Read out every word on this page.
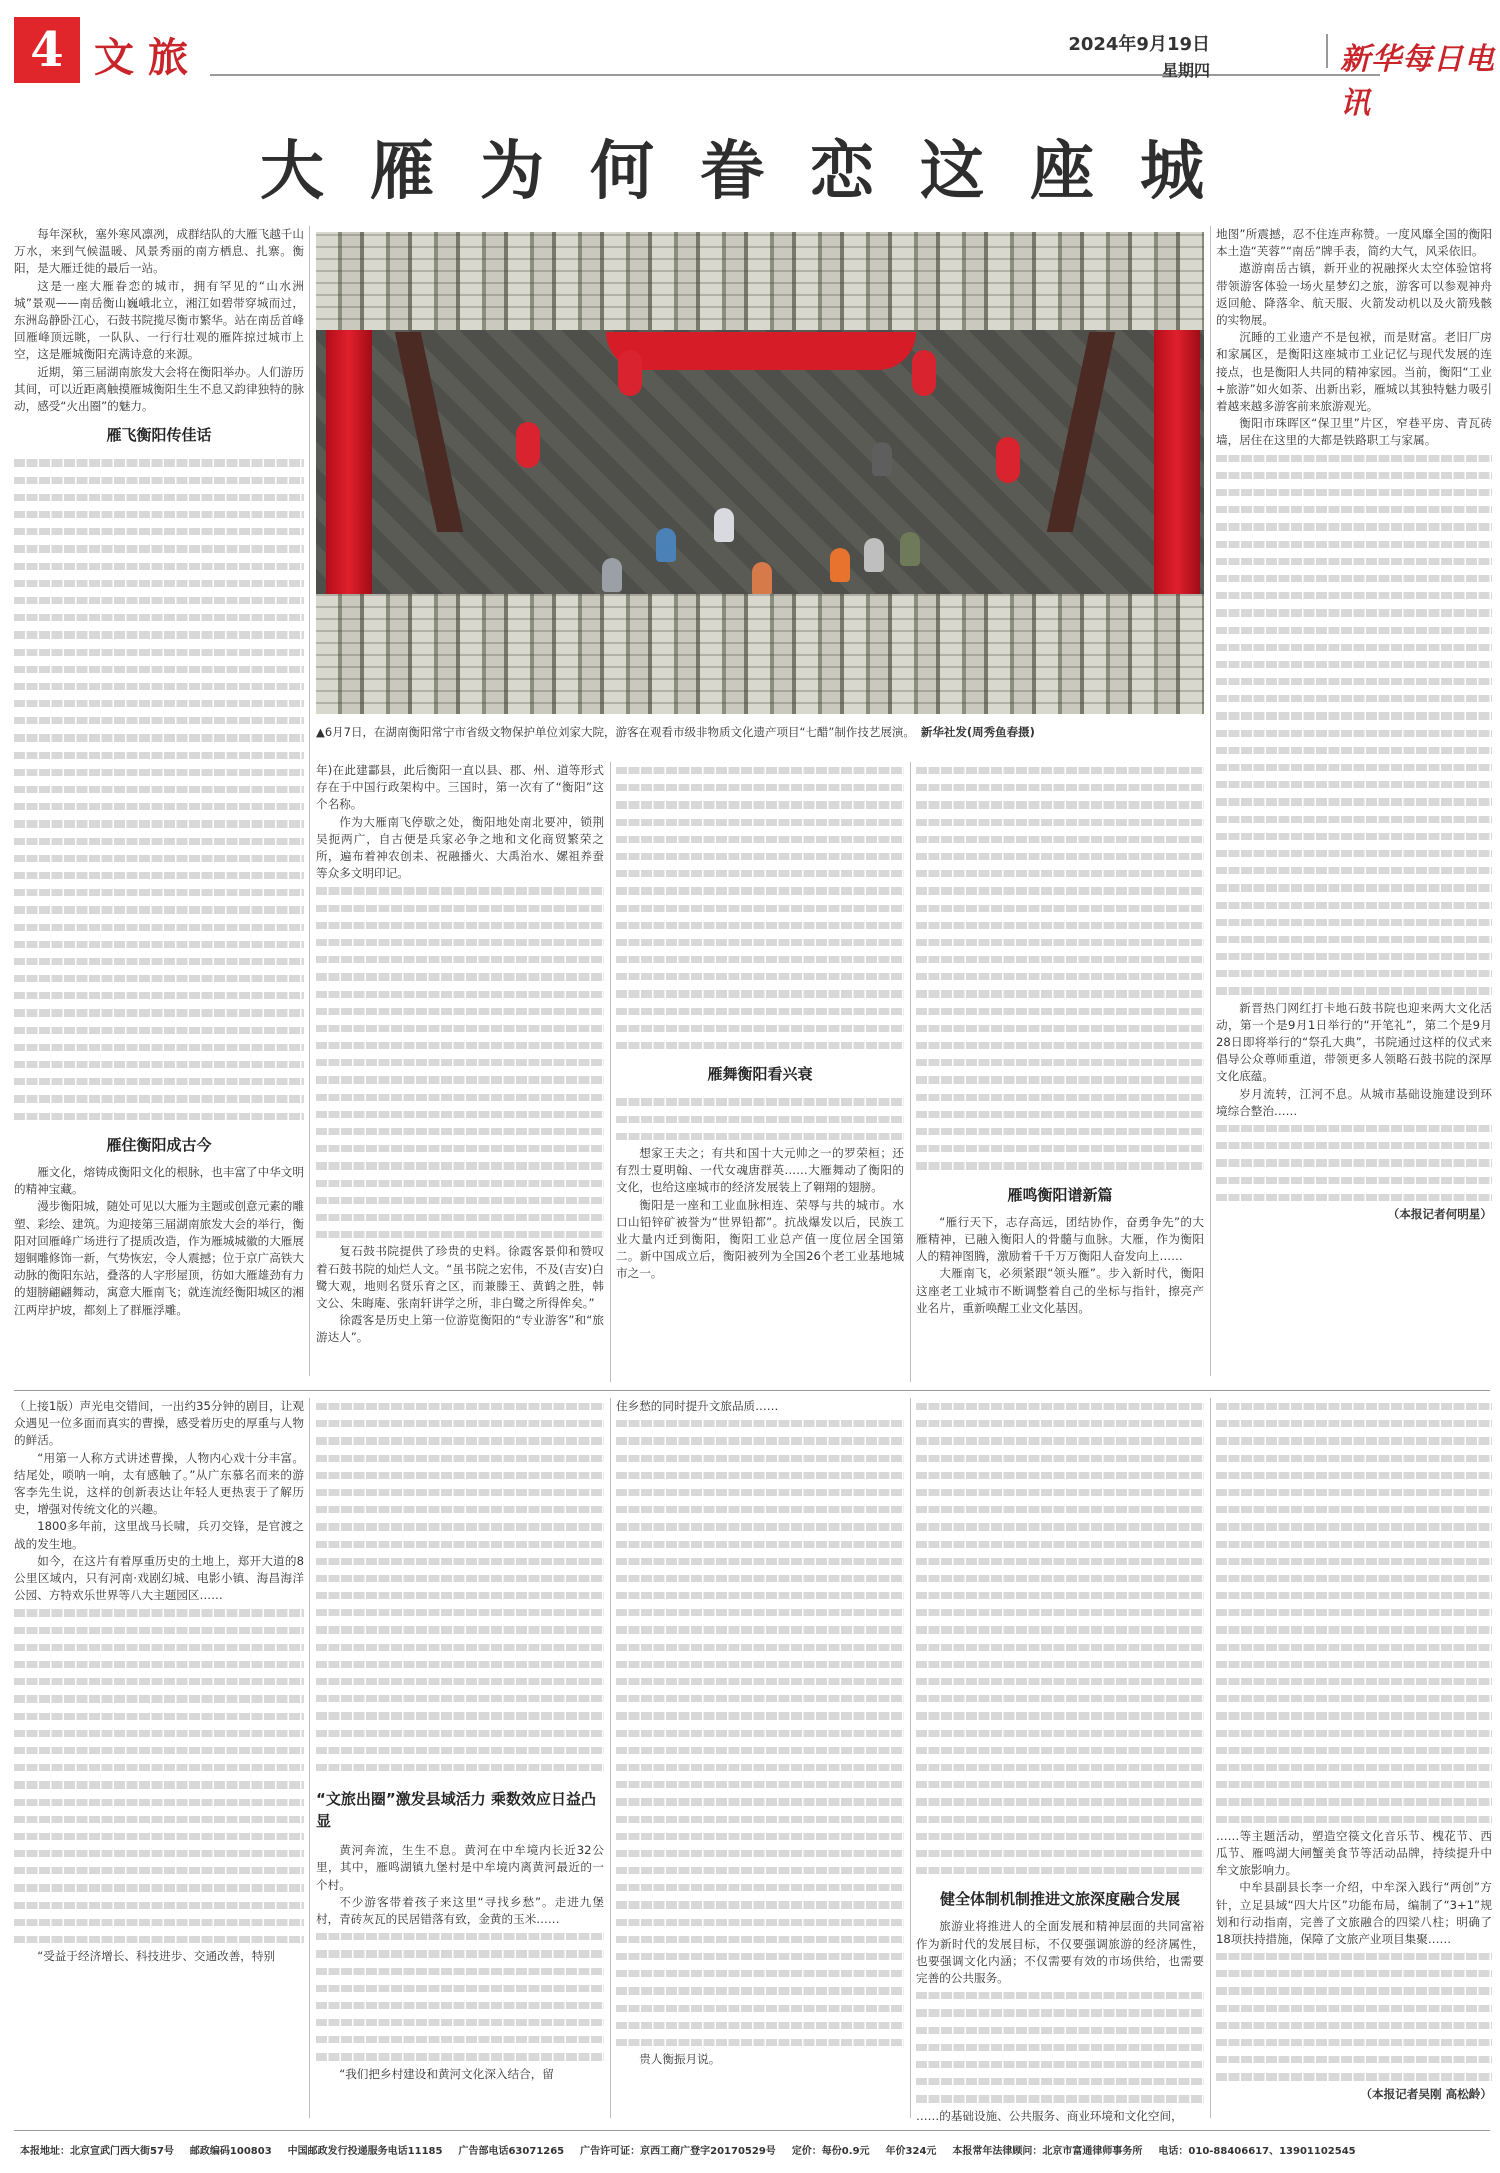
4 文旅	2024年9月19日
星期四	新华每日电讯
大雁为何眷恋这座城
▲6月7日，在湖南衡阳常宁市省级文物保护单位刘家大院，游客在观看市级非物质文化遗产项目“七醋”制作技艺展演。 新华社发(周秀鱼春摄)

每年深秋，塞外寒风凛冽，成群结队的大雁飞越千山万水，来到气候温暖、风景秀丽的南方栖息、扎寨。衡阳，是大雁迁徙的最后一站。

这是一座大雁眷恋的城市，拥有罕见的“山水洲城”景观——南岳衡山巍峨北立，湘江如碧带穿城而过，东洲岛静卧江心，石鼓书院揽尽衡市繁华。站在南岳首峰回雁峰顶远眺，一队队、一行行壮观的雁阵掠过城市上空，这是雁城衡阳充满诗意的来源。

近期，第三届湖南旅发大会将在衡阳举办。人们游历其间，可以近距离触摸雁城衡阳生生不息又韵律独特的脉动，感受“火出圈”的魅力。

雁飞衡阳传佳话
雁住衡阳成古今

雁文化，熔铸成衡阳文化的根脉，也丰富了中华文明的精神宝藏。

漫步衡阳城，随处可见以大雁为主题或创意元素的雕塑、彩绘、建筑。为迎接第三届湖南旅发大会的举行，衡阳对回雁峰广场进行了提质改造，作为雁城城徽的大雁展翅铜雕修饰一新，气势恢宏，令人震撼；位于京广高铁大动脉的衡阳东站，叠落的人字形屋顶，彷如大雁雄劲有力的翅膀翩翩舞动，寓意大雁南飞；就连流经衡阳城区的湘江两岸护坡，都刻上了群雁浮雕。

年)在此建酃县，此后衡阳一直以县、郡、州、道等形式存在于中国行政架构中。三国时，第一次有了“衡阳”这个名称。

作为大雁南飞停歇之处，衡阳地处南北要冲，锁荆吴扼两广，自古便是兵家必争之地和文化商贸繁荣之所，遍布着神农创耒、祝融播火、大禹治水、嫘祖养蚕等众多文明印记。

复石鼓书院提供了珍贵的史料。徐霞客景仰和赞叹着石鼓书院的灿烂人文。“虽书院之宏伟，不及(吉安)白鹭大观，地则名贤乐育之区，而兼滕王、黄鹤之胜，韩文公、朱晦庵、张南轩讲学之所，非白鹭之所得侔矣。”

徐霞客是历史上第一位游览衡阳的“专业游客”和“旅游达人”。

雁舞衡阳看兴衰

想家王夫之；有共和国十大元帅之一的罗荣桓；还有烈士夏明翰、一代女魂唐群英……大雁舞动了衡阳的文化，也给这座城市的经济发展装上了翱翔的翅膀。

衡阳是一座和工业血脉相连、荣辱与共的城市。水口山铅锌矿被誉为“世界铅都”。抗战爆发以后，民族工业大量内迁到衡阳，衡阳工业总产值一度位居全国第二。新中国成立后，衡阳被列为全国26个老工业基地城市之一。

雁鸣衡阳谱新篇

“雁行天下，志存高远，团结协作，奋勇争先”的大雁精神，已融入衡阳人的骨髓与血脉。大雁，作为衡阳人的精神图腾，激励着千千万万衡阳人奋发向上……

大雁南飞，必须紧跟“领头雁”。步入新时代，衡阳这座老工业城市不断调整着自己的坐标与指针，擦亮产业名片，重新唤醒工业文化基因。

地图”所震撼，忍不住连声称赞。一度风靡全国的衡阳本土造“芙蓉”“南岳”牌手表，简约大气，风采依旧。

遨游南岳古镇，新开业的祝融探火太空体验馆将带领游客体验一场火星梦幻之旅，游客可以参观神舟返回舱、降落伞、航天服、火箭发动机以及火箭残骸的实物展。

沉睡的工业遗产不是包袱，而是财富。老旧厂房和家属区，是衡阳这座城市工业记忆与现代发展的连接点，也是衡阳人共同的精神家园。当前，衡阳“工业+旅游”如火如荼、出新出彩，雁城以其独特魅力吸引着越来越多游客前来旅游观光。

衡阳市珠晖区“保卫里”片区，窄巷平房、青瓦砖墙，居住在这里的大都是铁路职工与家属。

新晋热门网红打卡地石鼓书院也迎来两大文化活动，第一个是9月1日举行的“开笔礼”，第二个是9月28日即将举行的“祭孔大典”，书院通过这样的仪式来倡导公众尊师重道，带领更多人领略石鼓书院的深厚文化底蕴。

岁月流转，江河不息。从城市基础设施建设到环境综合整治……

（本报记者何明星）

（上接1版）声光电交错间，一出约35分钟的剧目，让观众遇见一位多面而真实的曹操，感受着历史的厚重与人物的鲜活。

“用第一人称方式讲述曹操，人物内心戏十分丰富。结尾处，唢呐一响，太有感触了。”从广东慕名而来的游客李先生说，这样的创新表达让年轻人更热衷于了解历史，增强对传统文化的兴趣。

1800多年前，这里战马长啸，兵刃交锋，是官渡之战的发生地。

如今，在这片有着厚重历史的土地上，郑开大道的8公里区域内，只有河南·戏剧幻城、电影小镇、海昌海洋公园、方特欢乐世界等八大主题园区……

“受益于经济增长、科技进步、交通改善，特别

“文旅出圈”激发县域活力 乘数效应日益凸显

黄河奔流，生生不息。黄河在中牟境内长近32公里，其中，雁鸣湖镇九堡村是中牟境内离黄河最近的一个村。

不少游客带着孩子来这里“寻找乡愁”。走进九堡村，青砖灰瓦的民居错落有致，金黄的玉米……

“我们把乡村建设和黄河文化深入结合，留

住乡愁的同时提升文旅品质……

贵人衡振月说。

健全体制机制推进文旅深度融合发展

旅游业将推进人的全面发展和精神层面的共同富裕作为新时代的发展目标，不仅要强调旅游的经济属性，也要强调文化内涵；不仅需要有效的市场供给，也需要完善的公共服务。

……的基础设施、公共服务、商业环境和文化空间，

……等主题活动，塑造空篌文化音乐节、槐花节、西瓜节、雁鸣湖大闸蟹美食节等活动品牌，持续提升中牟文旅影响力。

中牟县副县长李一介绍，中牟深入践行“两创”方针，立足县域“四大片区”功能布局，编制了“3+1”规划和行动指南，完善了文旅融合的四梁八柱；明确了18项扶持措施，保障了文旅产业项目集聚……

（本报记者吴刚 高松龄）
本报地址：北京宣武门西大街57号 邮政编码100803 中国邮政发行投递服务电话11185 广告部电话63071265 广告许可证：京西工商广登字20170529号 定价：每份0.9元 年价324元 本报常年法律顾问：北京市富通律师事务所 电话：010-88406617、13901102545
